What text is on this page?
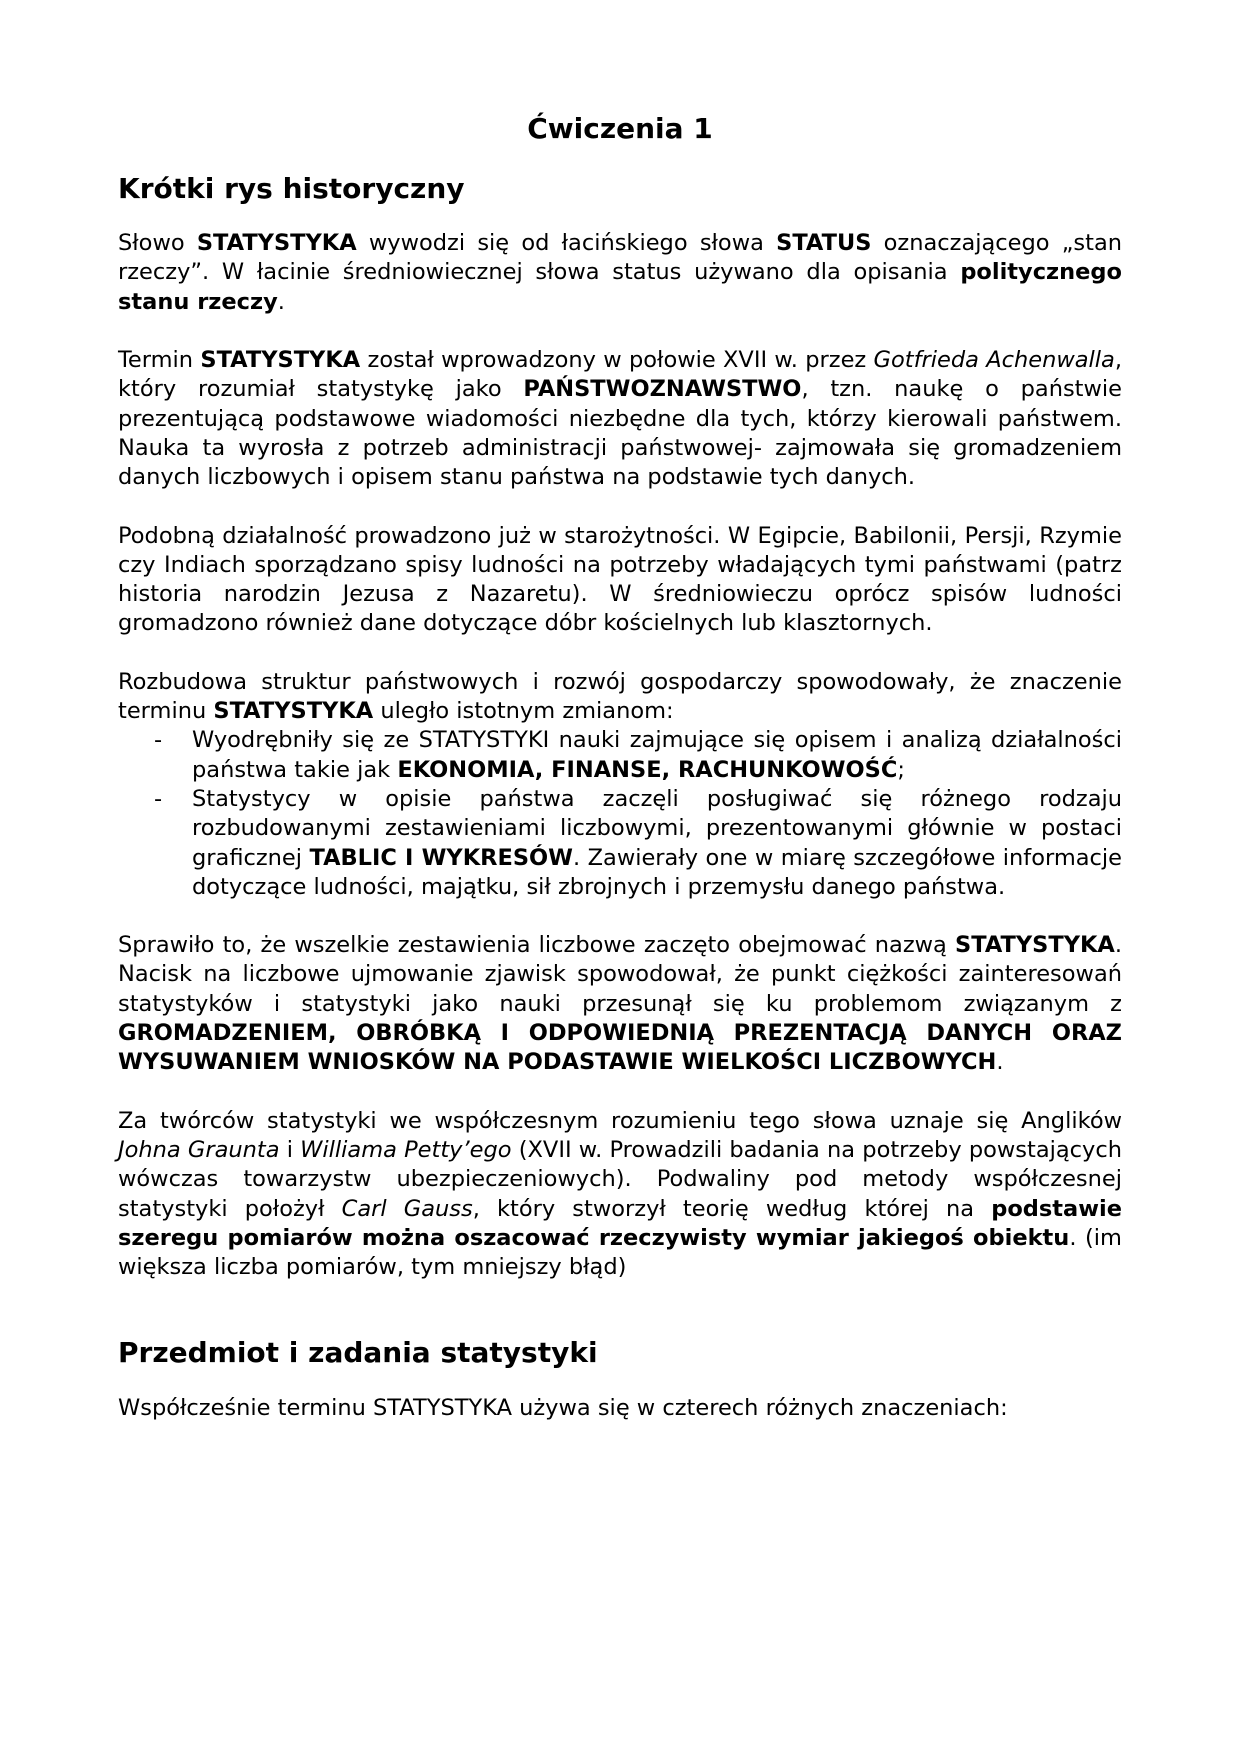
Ćwiczenia 1
Krótki rys historyczny

Słowo STATYSTYKA wywodzi się od łacińskiego słowa STATUS oznaczającego „stan rzeczy”. W łacinie średniowiecznej słowa status używano dla opisania politycznego stanu rzeczy.

Termin STATYSTYKA został wprowadzony w połowie XVII w. przez Gotfrieda Achenwalla, który rozumiał statystykę jako PAŃSTWOZNAWSTWO, tzn. naukę o państwie prezentującą podstawowe wiadomości niezbędne dla tych, którzy kierowali państwem. Nauka ta wyrosła z potrzeb administracji państwowej- zajmowała się gromadzeniem danych liczbowych i opisem stanu państwa na podstawie tych danych.

Podobną działalność prowadzono już w starożytności. W Egipcie, Babilonii, Persji, Rzymie czy Indiach sporządzano spisy ludności na potrzeby władających tymi państwami (patrz historia narodzin Jezusa z Nazaretu). W średniowieczu oprócz spisów ludności gromadzono również dane dotyczące dóbr kościelnych lub klasztornych.

Rozbudowa struktur państwowych i rozwój gospodarczy spowodowały, że znaczenie terminu STATYSTYKA uległo istotnym zmianom:

- Wyodrębniły się ze STATYSTYKI nauki zajmujące się opisem i analizą działalności państwa takie jak EKONOMIA, FINANSE, RACHUNKOWOŚĆ;
- Statystycy w opisie państwa zaczęli posługiwać się różnego rodzaju rozbudowanymi zestawieniami liczbowymi, prezentowanymi głównie w postaci graficznej TABLIC I WYKRESÓW. Zawierały one w miarę szczegółowe informacje dotyczące ludności, majątku, sił zbrojnych i przemysłu danego państwa.

Sprawiło to, że wszelkie zestawienia liczbowe zaczęto obejmować nazwą STATYSTYKA. Nacisk na liczbowe ujmowanie zjawisk spowodował, że punkt ciężkości zainteresowań statystyków i statystyki jako nauki przesunął się ku problemom związanym z GROMADZENIEM, OBRÓBKĄ I ODPOWIEDNIĄ PREZENTACJĄ DANYCH ORAZ WYSUWANIEM WNIOSKÓW NA PODASTAWIE WIELKOŚCI LICZBOWYCH.

Za twórców statystyki we współczesnym rozumieniu tego słowa uznaje się Anglików Johna Graunta i Williama Petty’ego (XVII w. Prowadzili badania na potrzeby powstających wówczas towarzystw ubezpieczeniowych). Podwaliny pod metody współczesnej statystyki położył Carl Gauss, który stworzył teorię według której na podstawie szeregu pomiarów można oszacować rzeczywisty wymiar jakiegoś obiektu. (im większa liczba pomiarów, tym mniejszy błąd)

Przedmiot i zadania statystyki

Współcześnie terminu STATYSTYKA używa się w czterech różnych znaczeniach:
